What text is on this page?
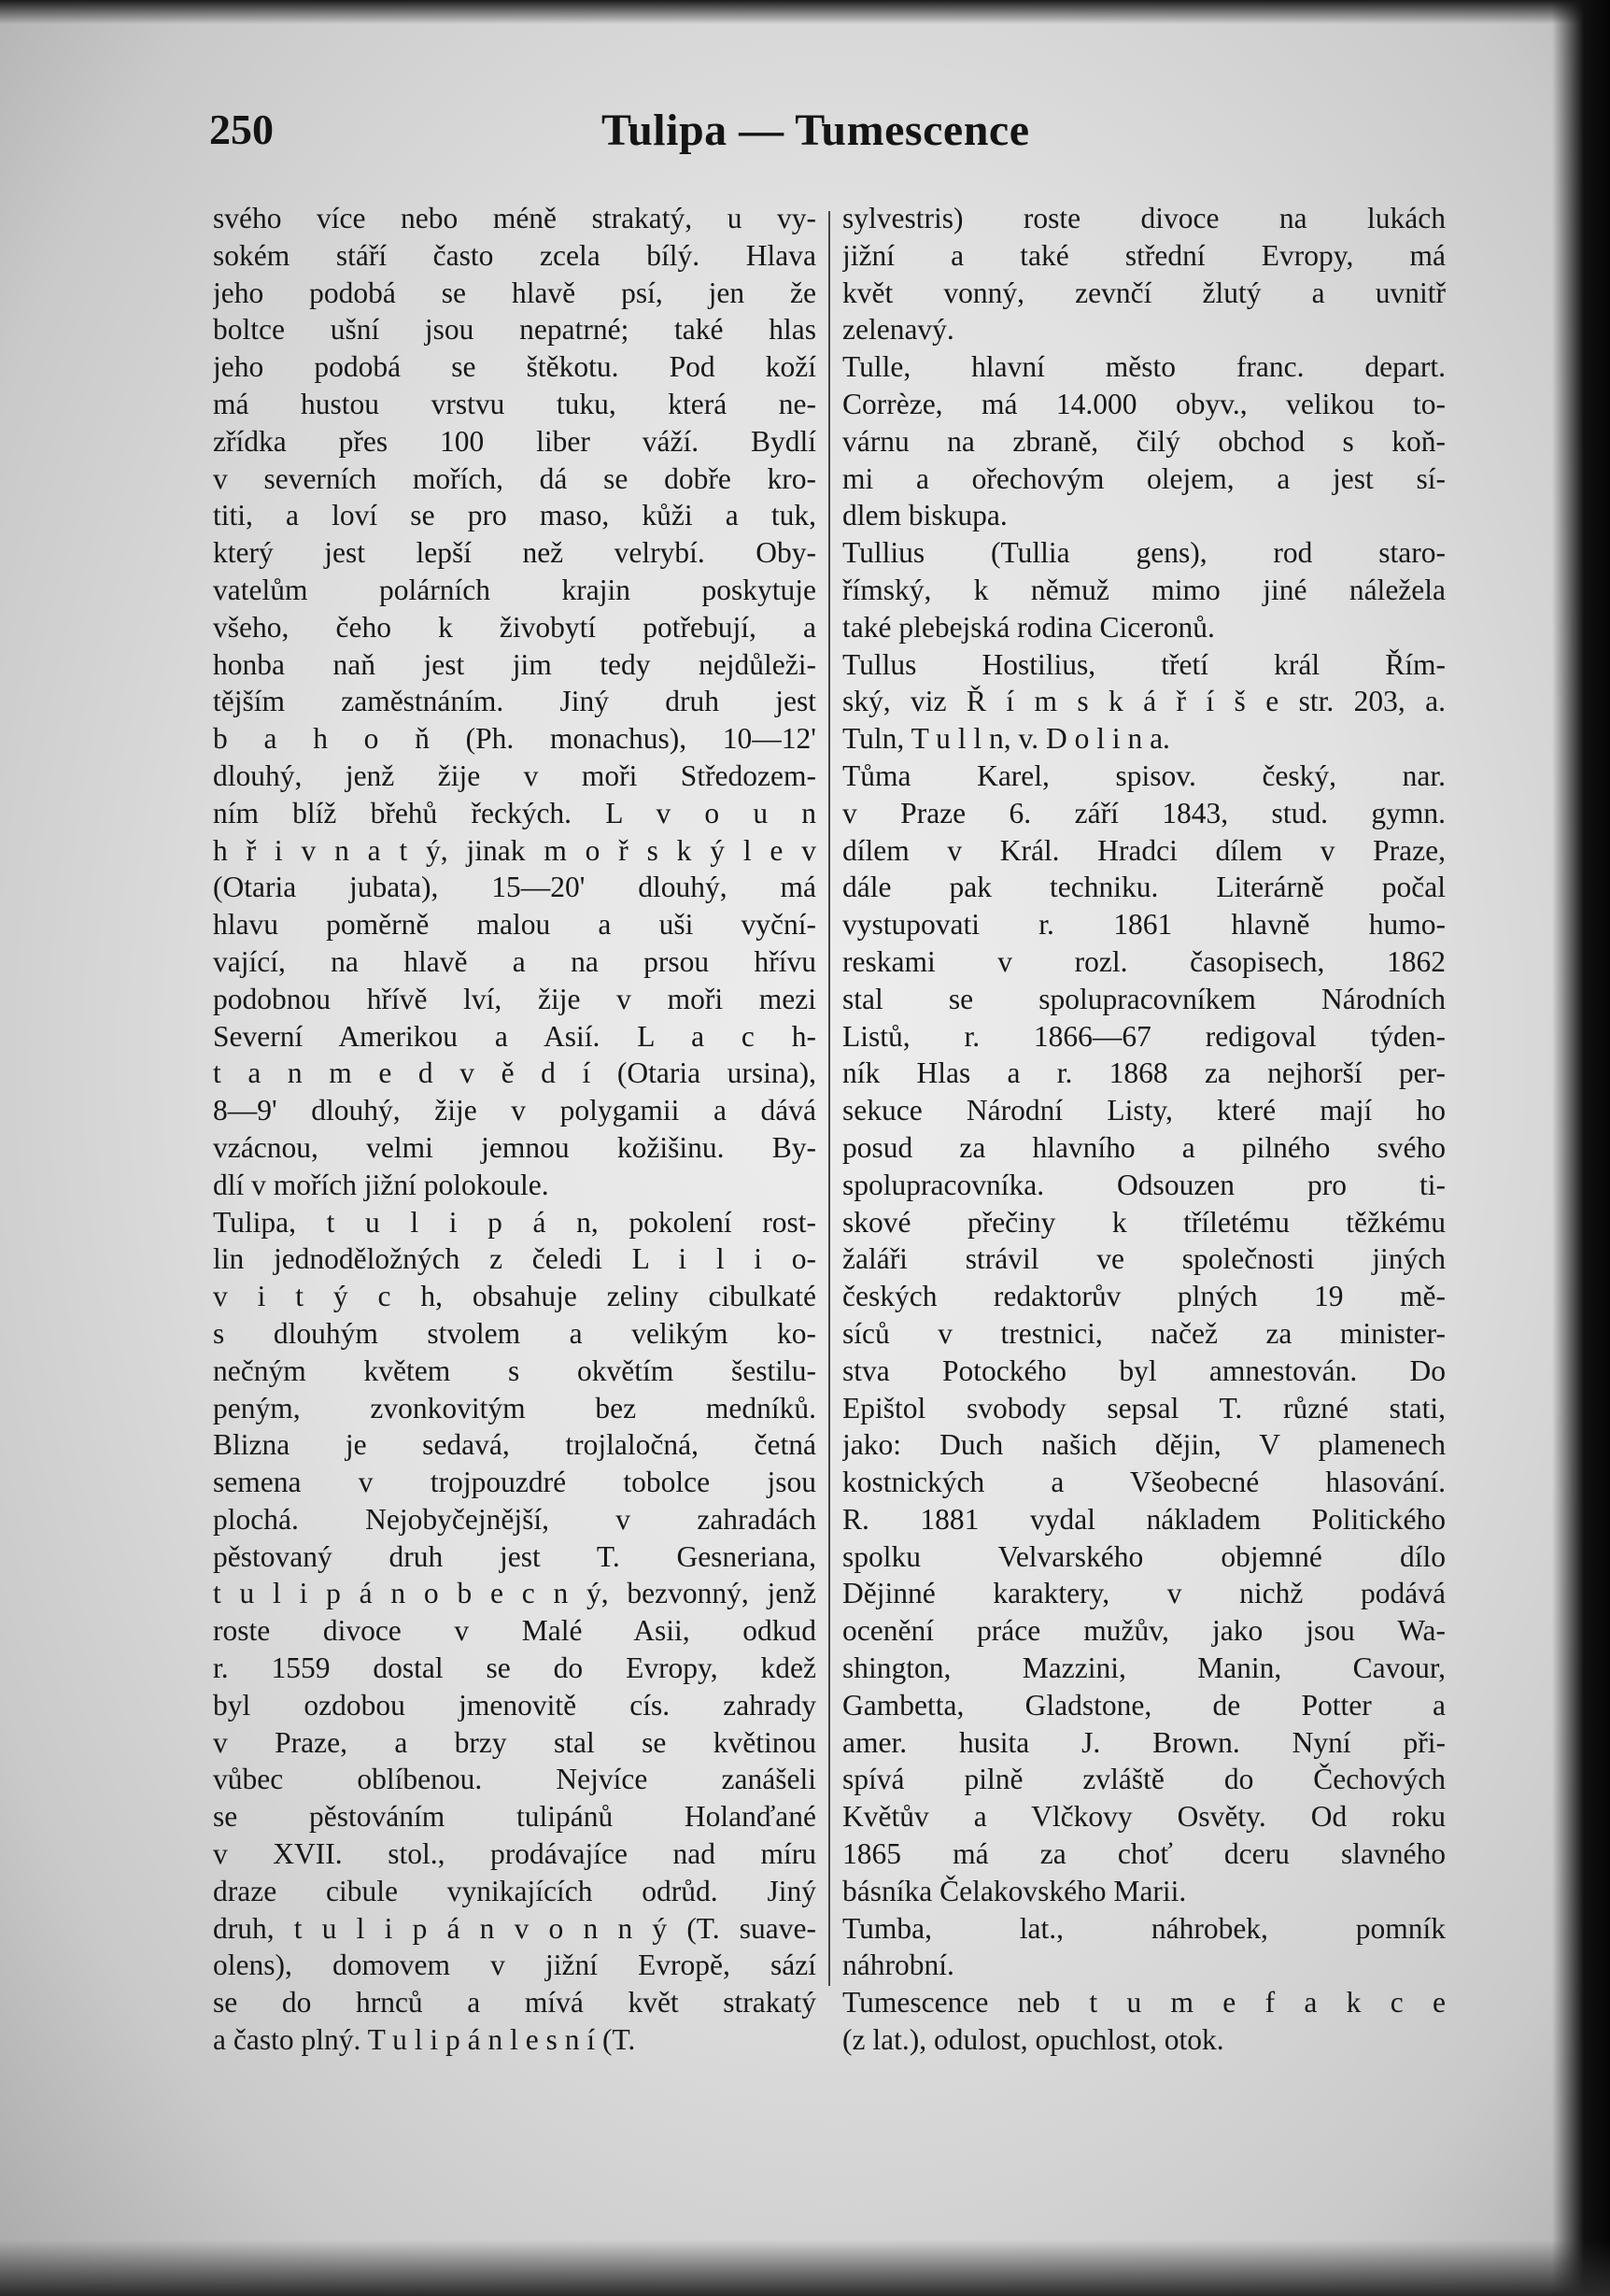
250	Tulipa — Tumescence
svého více nebo méně strakatý, u vy-
sokém stáří často zcela bílý. Hlava
jeho podobá se hlavě psí, jen že
boltce ušní jsou nepatrné; také hlas
jeho podobá se štěkotu. Pod koží
má hustou vrstvu tuku, která ne-
zřídka přes 100 liber váží. Bydlí
v severních mořích, dá se dobře kro-
titi, a loví se pro maso, kůži a tuk,
který jest lepší než velrybí. Oby-
vatelům polárních krajin poskytuje
všeho, čeho k živobytí potřebují, a
honba naň jest jim tedy nejdůleži-
tějším zaměstnáním. Jiný druh jest
b a h o ň (Ph. monachus), 10—12'
dlouhý, jenž žije v moři Středozem-
ním blíž břehů řeckých. L v o u n
h ř i v n a t ý, jinak m o ř s k ý l e v
(Otaria jubata), 15—20' dlouhý, má
hlavu poměrně malou a uši vyční-
vající, na hlavě a na prsou hřívu
podobnou hřívě lví, žije v moři mezi
Severní Amerikou a Asií. L a c h-
t a n m e d v ě d í (Otaria ursina),
8—9' dlouhý, žije v polygamii a dává
vzácnou, velmi jemnou kožišinu. By-
dlí v mořích jižní polokoule.
Tulipa, t u l i p á n, pokolení rost-
lin jednoděložných z čeledi L i l i o-
v i t ý c h, obsahuje zeliny cibulkaté
s dlouhým stvolem a velikým ko-
nečným květem s okvětím šestilu-
peným, zvonkovitým bez medníků.
Blizna je sedavá, trojlaločná, četná
semena v trojpouzdré tobolce jsou
plochá. Nejobyčejnější, v zahradách
pěstovaný druh jest T. Gesneriana,
t u l i p á n o b e c n ý, bezvonný, jenž
roste divoce v Malé Asii, odkud
r. 1559 dostal se do Evropy, kdež
byl ozdobou jmenovitě cís. zahrady
v Praze, a brzy stal se květinou
vůbec oblíbenou. Nejvíce zanášeli
se pěstováním tulipánů Holanďané
v XVII. stol., prodávajíce nad míru
draze cibule vynikajících odrůd. Jiný
druh, t u l i p á n v o n n ý (T. suave-
olens), domovem v jižní Evropě, sází
se do hrnců a mívá květ strakatý
a často plný. T u l i p á n l e s n í (T.
sylvestris) roste divoce na lukách
jižní a také střední Evropy, má
květ vonný, zevnčí žlutý a uvnitř
zelenavý.
Tulle, hlavní město franc. depart.
Corrèze, má 14.000 obyv., velikou to-
várnu na zbraně, čilý obchod s koň-
mi a ořechovým olejem, a jest sí-
dlem biskupa.
Tullius (Tullia gens), rod staro-
římský, k němuž mimo jiné náležela
také plebejská rodina Ciceronů.
Tullus Hostilius, třetí král Řím-
ský, viz Ř í m s k á ř í š e str. 203, a.
Tuln, T u l l n, v. D o l i n a.
Tůma Karel, spisov. český, nar.
v Praze 6. září 1843, stud. gymn.
dílem v Král. Hradci dílem v Praze,
dále pak techniku. Literárně počal
vystupovati r. 1861 hlavně humo-
reskami v rozl. časopisech, 1862
stal se spolupracovníkem Národních
Listů, r. 1866—67 redigoval týden-
ník Hlas a r. 1868 za nejhorší per-
sekuce Národní Listy, které mají ho
posud za hlavního a pilného svého
spolupracovníka. Odsouzen pro ti-
skové přečiny k tříletému těžkému
žaláři strávil ve společnosti jiných
českých redaktorův plných 19 mě-
síců v trestnici, načež za minister-
stva Potockého byl amnestován. Do
Epištol svobody sepsal T. různé stati,
jako: Duch našich dějin, V plamenech
kostnických a Všeobecné hlasování.
R. 1881 vydal nákladem Politického
spolku Velvarského objemné dílo
Dějinné karaktery, v nichž podává
ocenění práce mužův, jako jsou Wa-
shington, Mazzini, Manin, Cavour,
Gambetta, Gladstone, de Potter a
amer. husita J. Brown. Nyní při-
spívá pilně zvláště do Čechových
Květův a Vlčkovy Osvěty. Od roku
1865 má za choť dceru slavného
básníka Čelakovského Marii.
Tumba, lat., náhrobek, pomník
náhrobní.
Tumescence neb t u m e f a k c e
(z lat.), odulost, opuchlost, otok.
